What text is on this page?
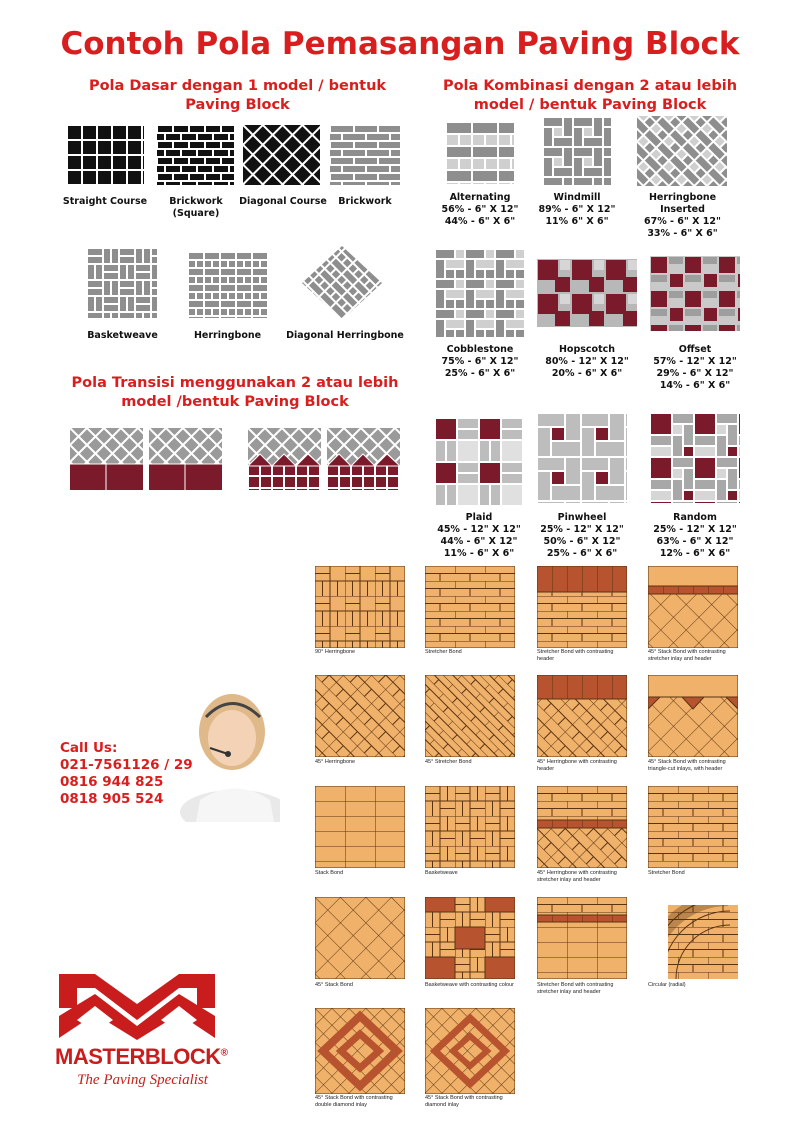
Contoh Pola Pemasangan Paving Block
Pola Dasar dengan 1 model / bentuk Paving Block
Straight Course	Brickwork (Square)
Diagonal Course	Brickwork
Basketweave	Herringbone	Diagonal Herringbone
Pola Transisi menggunakan 2 atau lebih model /bentuk Paving Block
Pola Kombinasi dengan 2 atau lebih model / bentuk Paving Block
Alternating
56% - 6" X 12"
44% - 6" X 6"
Windmill
89% - 6" X 12"
11% 6" X 6"
Herringbone Inserted
67% - 6" X 12"
33% - 6" X 6"
Cobblestone
75% - 6" X 12"
25% - 6" X 6"
Hopscotch
80% - 12" X 12"
20% - 6" X 6"
Offset
57% - 12" X 12"
29% - 6" X 12"
14% - 6" X 6"
Plaid
45% - 12" X 12"
44% - 6" X 12"
11% - 6" X 6"
Pinwheel
25% - 12" X 12"
50% - 6" X 12"
25% - 6" X 6"
Random
25% - 12" X 12"
63% - 6" X 12"
12% - 6" X 6"
90° Herringbone	Stretcher Bond	Stretcher Bond with contrasting header
45° Stack Bond with contrasting stretcher inlay and header
45° Herringbone	45° Stretcher Bond	45° Herringbone with contrasting header
45° Stack Bond with contrasting triangle-cut inlays, with header
Stack Bond	Basketweave	45° Herringbone with contrasting stretcher inlay and header
Stretcher Bond
45° Stack Bond	Basketweave with contrasting colour	Stretcher Bond with contrasting stretcher inlay and header
Circular (radial)
45° Stack Bond with contrasting double diamond inlay
45° Stack Bond with contrasting diamond inlay
Call Us:
021-7561126 / 29
0816 944 825
0818 905 524
MASTERBLOCK®
The Paving Specialist
